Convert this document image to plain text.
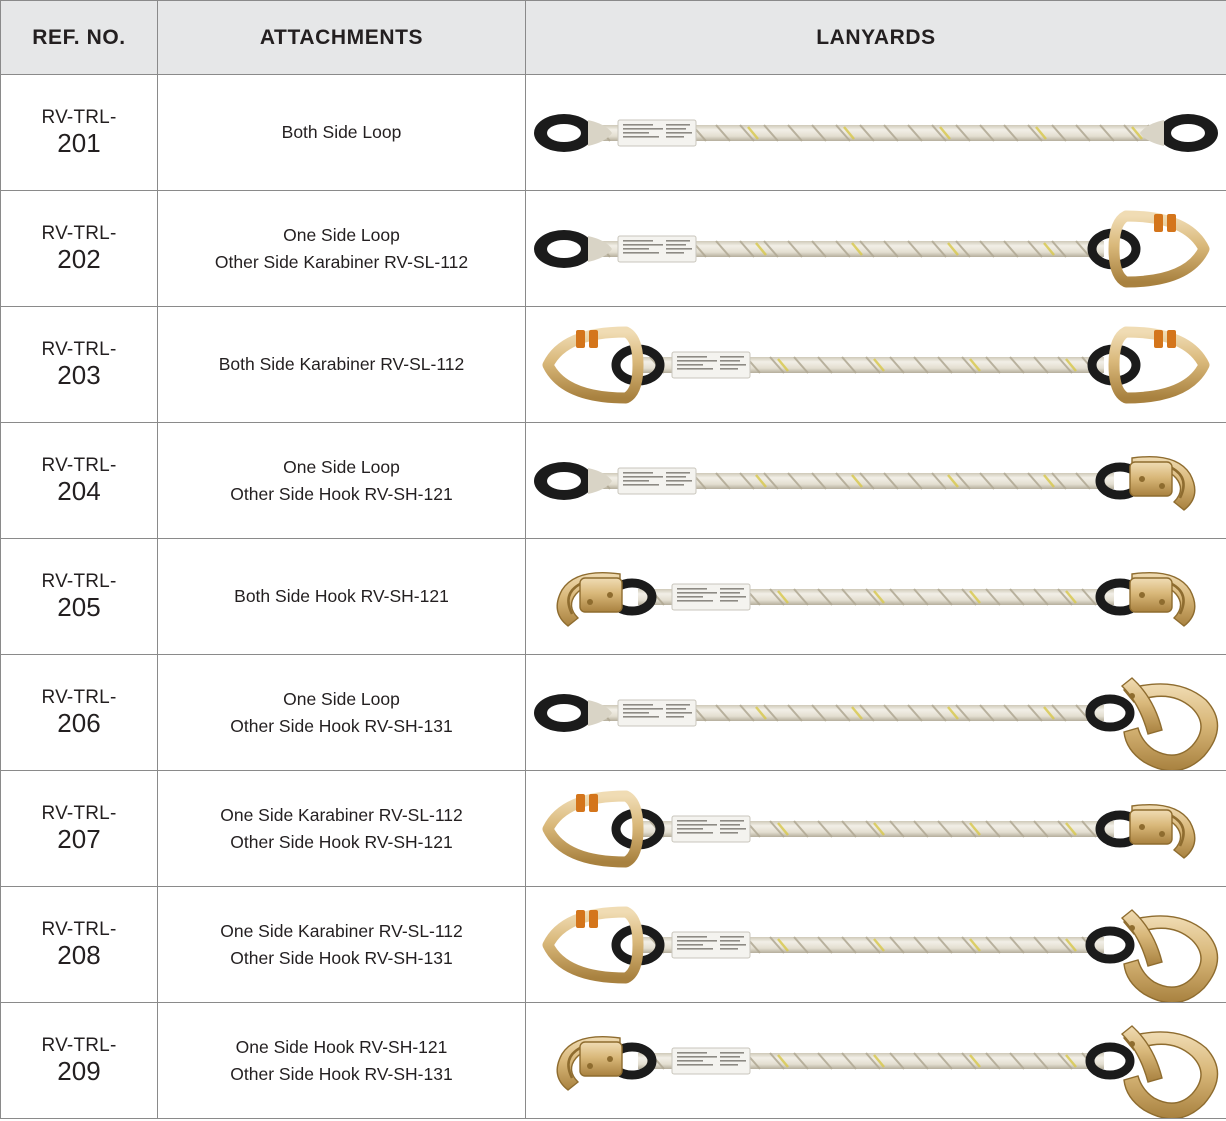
REF. NO.	ATTACHMENTS	LANYARDS

RV-TRL-
201	Both Side Loop

RV-TRL-
202	One Side Loop
Other Side Karabiner RV-SL-112

RV-TRL-
203	Both Side Karabiner RV-SL-112

RV-TRL-
204	One Side Loop
Other Side Hook RV-SH-121

RV-TRL-
205	Both Side Hook RV-SH-121

RV-TRL-
206	One Side Loop
Other Side Hook RV-SH-131

RV-TRL-
207	One Side Karabiner RV-SL-112
Other Side Hook RV-SH-121

RV-TRL-
208	One Side Karabiner RV-SL-112
Other Side Hook RV-SH-131

RV-TRL-
209	One Side Hook RV-SH-121
Other Side Hook RV-SH-131
